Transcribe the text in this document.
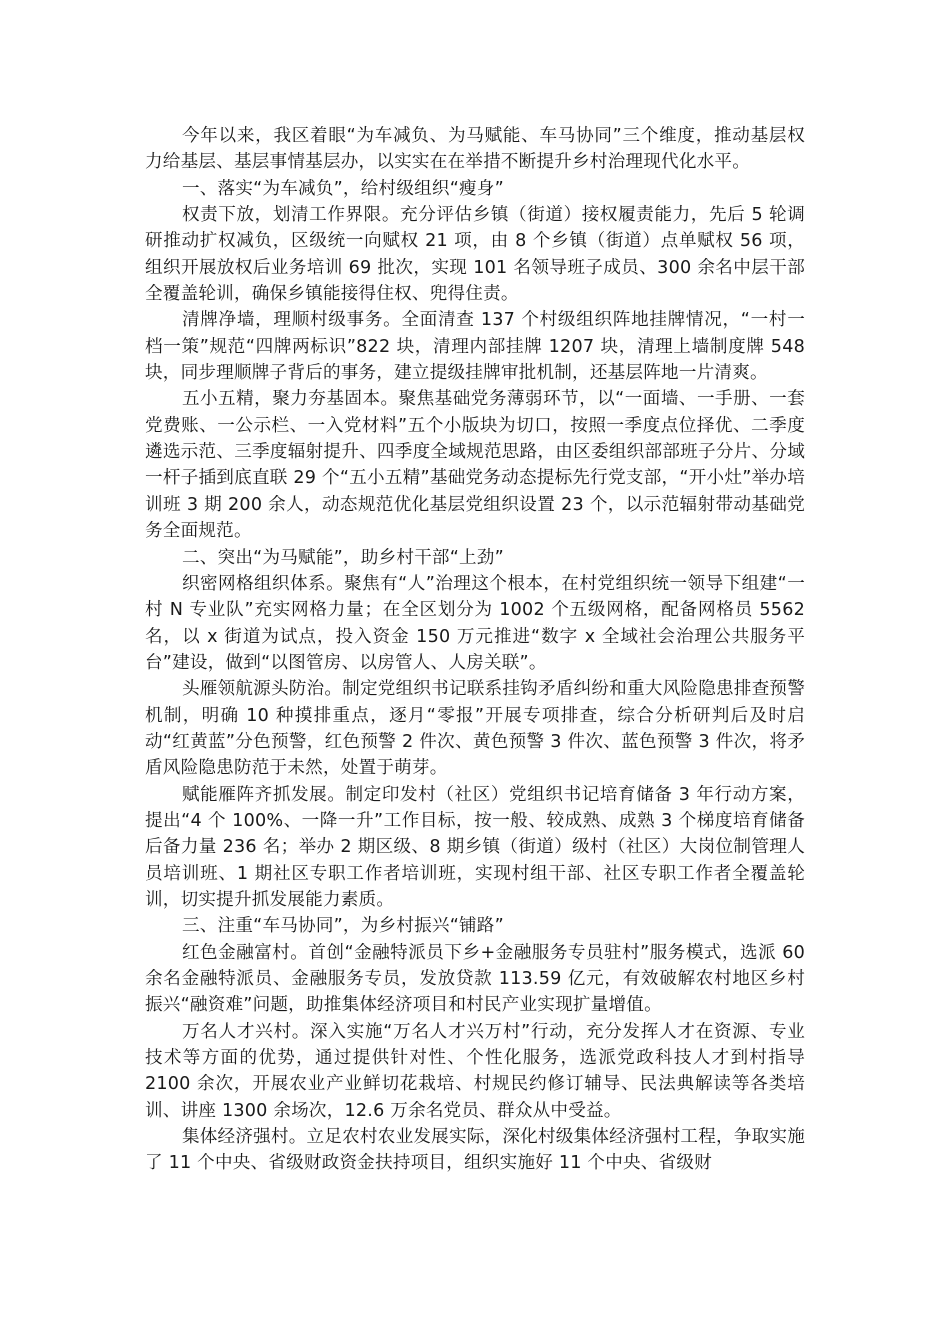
今年以来，我区着眼“为车减负、为马赋能、车马协同”三个维度，推动基层权力给基层、基层事情基层办，以实实在在举措不断提升乡村治理现代化水平。

一、落实“为车减负”，给村级组织“瘦身”

权责下放，划清工作界限。充分评估乡镇（街道）接权履责能力，先后 5 轮调研推动扩权减负，区级统一向赋权 21 项，由 8 个乡镇（街道）点单赋权 56 项，组织开展放权后业务培训 69 批次，实现 101 名领导班子成员、300 余名中层干部全覆盖轮训，确保乡镇能接得住权、兜得住责。

清牌净墙，理顺村级事务。全面清查 137 个村级组织阵地挂牌情况，“一村一档一策”规范“四牌两标识”822 块，清理内部挂牌 1207 块，清理上墙制度牌 548 块，同步理顺牌子背后的事务，建立提级挂牌审批机制，还基层阵地一片清爽。

五小五精，聚力夯基固本。聚焦基础党务薄弱环节，以“一面墙、一手册、一套党费账、一公示栏、一入党材料”五个小版块为切口，按照一季度点位择优、二季度遴选示范、三季度辐射提升、四季度全域规范思路，由区委组织部部班子分片、分域一杆子插到底直联 29 个“五小五精”基础党务动态提标先行党支部，“开小灶”举办培训班 3 期 200 余人，动态规范优化基层党组织设置 23 个，以示范辐射带动基础党务全面规范。

二、突出“为马赋能”，助乡村干部“上劲”

织密网格组织体系。聚焦有“人”治理这个根本，在村党组织统一领导下组建“一村 N 专业队”充实网格力量；在全区划分为 1002 个五级网格，配备网格员 5562 名，以 x 街道为试点，投入资金 150 万元推进“数字 x 全域社会治理公共服务平台”建设，做到“以图管房、以房管人、人房关联”。

头雁领航源头防治。制定党组织书记联系挂钩矛盾纠纷和重大风险隐患排查预警机制，明确 10 种摸排重点，逐月“零报”开展专项排查，综合分析研判后及时启动“红黄蓝”分色预警，红色预警 2 件次、黄色预警 3 件次、蓝色预警 3 件次，将矛盾风险隐患防范于未然，处置于萌芽。

赋能雁阵齐抓发展。制定印发村（社区）党组织书记培育储备 3 年行动方案，提出“4 个 100%、一降一升”工作目标，按一般、较成熟、成熟 3 个梯度培育储备后备力量 236 名；举办 2 期区级、8 期乡镇（街道）级村（社区）大岗位制管理人员培训班、1 期社区专职工作者培训班，实现村组干部、社区专职工作者全覆盖轮训，切实提升抓发展能力素质。

三、注重“车马协同”，为乡村振兴“铺路”

红色金融富村。首创“金融特派员下乡+金融服务专员驻村”服务模式，选派 60 余名金融特派员、金融服务专员，发放贷款 113.59 亿元，有效破解农村地区乡村振兴“融资难”问题，助推集体经济项目和村民产业实现扩量增值。

万名人才兴村。深入实施“万名人才兴万村”行动，充分发挥人才在资源、专业技术等方面的优势，通过提供针对性、个性化服务，选派党政科技人才到村指导 2100 余次，开展农业产业鲜切花栽培、村规民约修订辅导、民法典解读等各类培训、讲座 1300 余场次，12.6 万余名党员、群众从中受益。

集体经济强村。立足农村农业发展实际，深化村级集体经济强村工程，争取实施了 11 个中央、省级财政资金扶持项目，组织实施好 11 个中央、省级财
